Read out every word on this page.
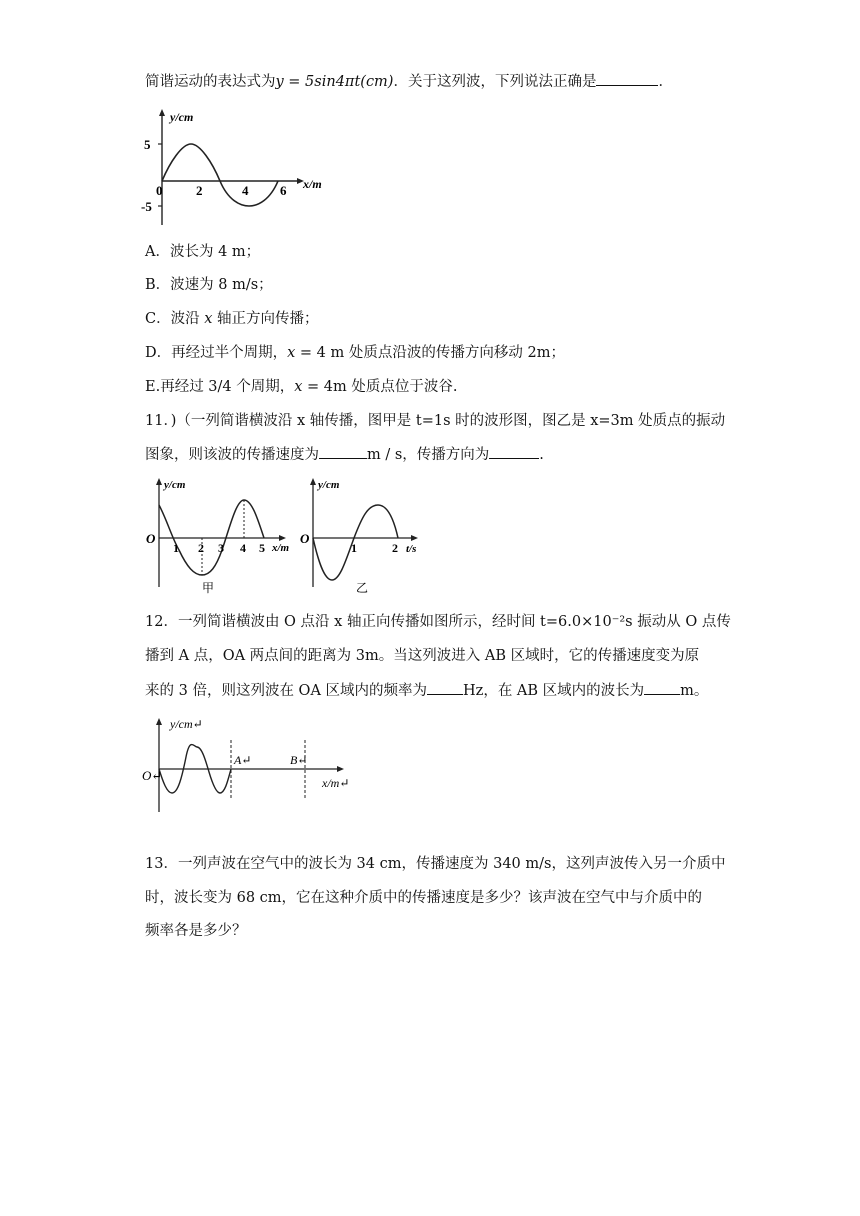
简谐运动的表达式为y = 5sin4πt(cm)．关于这列波，下列说法正确是	．
y/cm
x/m
5
-5
0	2	4 6
A．波长为 4 m；
B．波速为 8 m/s；
C．波沿 x 轴正方向传播；
D．再经过半个周期，x = 4 m 处质点沿波的传播方向移动 2m；
E.再经过 3/4 个周期，x = 4m 处质点位于波谷.
11．)（一列简谐横波沿 x 轴传播，图甲是 t=1s 时的波形图，图乙是 x=3m 处质点的振动
图象，则该波的传播速度为	m / s，传播方向为	.
y/cm
x/m
O
1 2 3 4 5
甲
y/cm
t/s
O
1	2
乙
12．一列简谐横波由 O 点沿 x 轴正向传播如图所示，经时间 t=6.0×10⁻²s 振动从 O 点传
播到 A 点，OA 两点间的距离为 3m。当这列波进入 AB 区域时，它的传播速度变为原
来的 3 倍，则这列波在 OA 区域内的频率为 Hz，在 AB 区域内的波长为 m。
y/cm↵
x/m↵
O↵
A↵	B↵
13．一列声波在空气中的波长为 34 cm，传播速度为 340 m/s，这列声波传入另一介质中
时，波长变为 68 cm，它在这种介质中的传播速度是多少？该声波在空气中与介质中的
频率各是多少？
